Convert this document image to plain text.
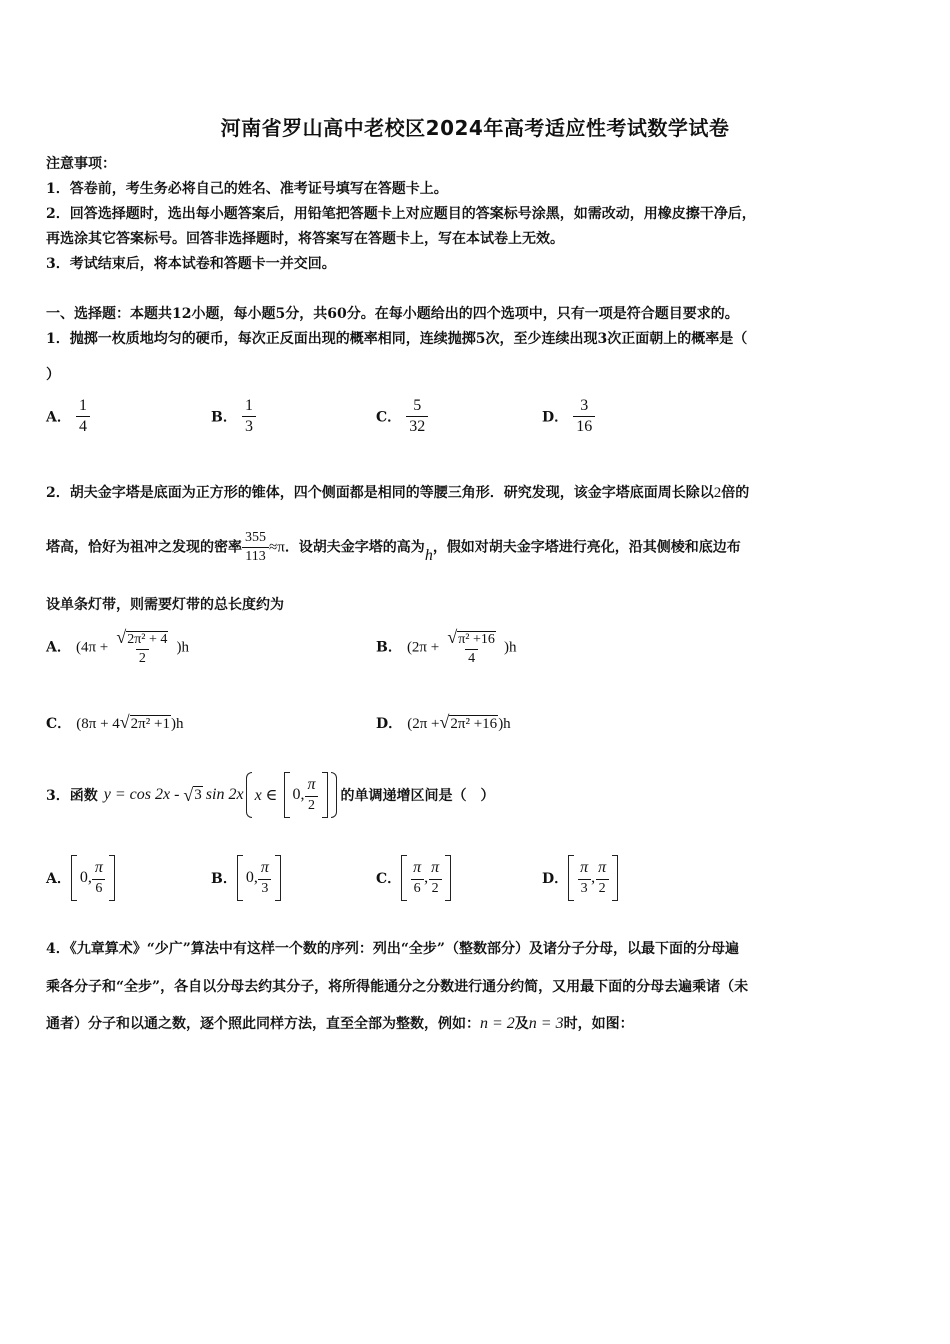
河南省罗山高中老校区2024年高考适应性考试数学试卷
注意事项：
1．答卷前，考生务必将自己的姓名、准考证号填写在答题卡上。
2．回答选择题时，选出每小题答案后，用铅笔把答题卡上对应题目的答案标号涂黑，如需改动，用橡皮擦干净后，
再选涂其它答案标号。回答非选择题时，将答案写在答题卡上，写在本试卷上无效。
3．考试结束后，将本试卷和答题卡一并交回。
一、选择题：本题共12小题，每小题5分，共60分。在每小题给出的四个选项中，只有一项是符合题目要求的。
1．抛掷一枚质地均匀的硬币，每次正反面出现的概率相同，连续抛掷5次，至少连续出现3次正面朝上的概率是（
）
A． $\frac{1}{4}$	B． $\frac{1}{3}$	C． $\frac{5}{32}$	D． $\frac{3}{16}$
2．胡夫金字塔是底面为正方形的锥体，四个侧面都是相同的等腰三角形．研究发现，该金字塔底面周长除以2倍的
塔高，恰好为祖冲之发现的密率 $\frac{355}{113} \approx\pi$．设胡夫金字塔的高为h，假如对胡夫金字塔进行亮化，沿其侧棱和底边布
设单条灯带，则需要灯带的总长度约为
A． $(4\pi + \frac{\text{√2π² + 4}}{2} )h$	B． $(2\pi + \frac{\text{√π² +16}}{4} )h$
C． (8π + 4√2π² +1)h	D． (2π +√2π² +16)h
3．函数 y = cos 2x - √ 3 sin 2x x ∈ 0, $\frac{\pi}{2}$ 的单调递增区间是（　）
A． 0, $\frac{\pi}{6}$	B． 0, $\frac{\pi}{3}$	C． $\frac{\pi}{6}$ , $\frac{\pi}{2}$	D． $\frac{\pi}{3}$ , $\frac{\pi}{2}$
4．《九章算术》“少广”算法中有这样一个数的序列：列出“全步”（整数部分）及诸分子分母，以最下面的分母遍
乘各分子和“全步”，各自以分母去约其分子，将所得能通分之分数进行通分约简，又用最下面的分母去遍乘诸（未
通者）分子和以通之数，逐个照此同样方法，直至全部为整数，例如：n = 2及n = 3时，如图：
